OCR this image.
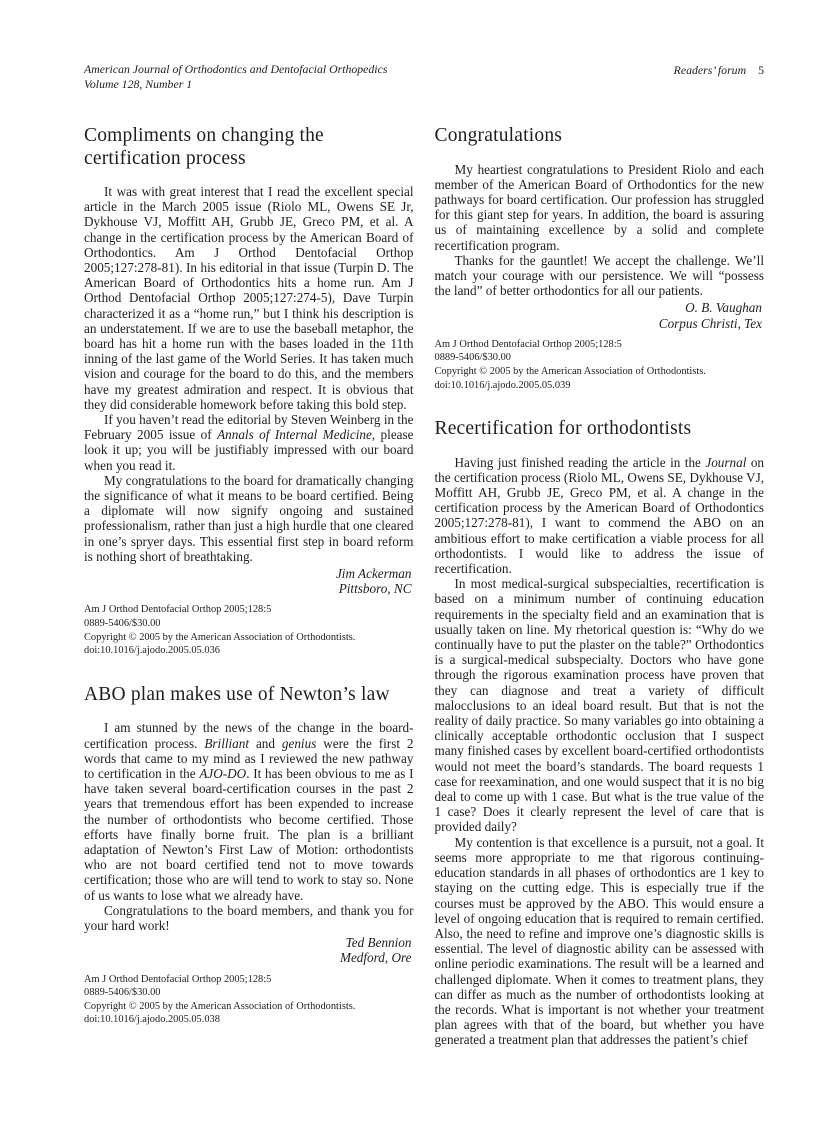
American Journal of Orthodontics and Dentofacial Orthopedics
Volume 128, Number 1
Readers’ forum 5
Compliments on changing the certification process

It was with great interest that I read the excellent special article in the March 2005 issue (Riolo ML, Owens SE Jr, Dykhouse VJ, Moffitt AH, Grubb JE, Greco PM, et al. A change in the certification process by the American Board of Orthodontics. Am J Orthod Dentofacial Orthop 2005;127:278-81). In his editorial in that issue (Turpin D. The American Board of Orthodontics hits a home run. Am J Orthod Dentofacial Orthop 2005;127:274-5), Dave Turpin characterized it as a “home run,” but I think his description is an understatement. If we are to use the baseball metaphor, the board has hit a home run with the bases loaded in the 11th inning of the last game of the World Series. It has taken much vision and courage for the board to do this, and the members have my greatest admiration and respect. It is obvious that they did considerable homework before taking this bold step.

If you haven’t read the editorial by Steven Weinberg in the February 2005 issue of Annals of Internal Medicine, please look it up; you will be justifiably impressed with our board when you read it.

My congratulations to the board for dramatically changing the significance of what it means to be board certified. Being a diplomate will now signify ongoing and sustained professionalism, rather than just a high hurdle that one cleared in one’s spryer days. This essential first step in board reform is nothing short of breathtaking.

Jim Ackerman
Pittsboro, NC
Am J Orthod Dentofacial Orthop 2005;128:5
0889-5406/$30.00
Copyright © 2005 by the American Association of Orthodontists.
doi:10.1016/j.ajodo.2005.05.036
ABO plan makes use of Newton’s law

I am stunned by the news of the change in the board-certification process. Brilliant and genius were the first 2 words that came to my mind as I reviewed the new pathway to certification in the AJO-DO. It has been obvious to me as I have taken several board-certification courses in the past 2 years that tremendous effort has been expended to increase the number of orthodontists who become certified. Those efforts have finally borne fruit. The plan is a brilliant adaptation of Newton’s First Law of Motion: orthodontists who are not board certified tend not to move towards certification; those who are will tend to work to stay so. None of us wants to lose what we already have.

Congratulations to the board members, and thank you for your hard work!

Ted Bennion
Medford, Ore
Am J Orthod Dentofacial Orthop 2005;128:5
0889-5406/$30.00
Copyright © 2005 by the American Association of Orthodontists.
doi:10.1016/j.ajodo.2005.05.038
Congratulations

My heartiest congratulations to President Riolo and each member of the American Board of Orthodontics for the new pathways for board certification. Our profession has struggled for this giant step for years. In addition, the board is assuring us of maintaining excellence by a solid and complete recertification program.

Thanks for the gauntlet! We accept the challenge. We’ll match your courage with our persistence. We will “possess the land” of better orthodontics for all our patients.

O. B. Vaughan
Corpus Christi, Tex
Am J Orthod Dentofacial Orthop 2005;128:5
0889-5406/$30.00
Copyright © 2005 by the American Association of Orthodontists.
doi:10.1016/j.ajodo.2005.05.039
Recertification for orthodontists

Having just finished reading the article in the Journal on the certification process (Riolo ML, Owens SE, Dykhouse VJ, Moffitt AH, Grubb JE, Greco PM, et al. A change in the certification process by the American Board of Orthodontics 2005;127:278-81), I want to commend the ABO on an ambitious effort to make certification a viable process for all orthodontists. I would like to address the issue of recertification.

In most medical-surgical subspecialties, recertification is based on a minimum number of continuing education requirements in the specialty field and an examination that is usually taken on line. My rhetorical question is: “Why do we continually have to put the plaster on the table?” Orthodontics is a surgical-medical subspecialty. Doctors who have gone through the rigorous examination process have proven that they can diagnose and treat a variety of difficult malocclusions to an ideal board result. But that is not the reality of daily practice. So many variables go into obtaining a clinically acceptable orthodontic occlusion that I suspect many finished cases by excellent board-certified orthodontists would not meet the board’s standards. The board requests 1 case for reexamination, and one would suspect that it is no big deal to come up with 1 case. But what is the true value of the 1 case? Does it clearly represent the level of care that is provided daily?

My contention is that excellence is a pursuit, not a goal. It seems more appropriate to me that rigorous continuing-education standards in all phases of orthodontics are 1 key to staying on the cutting edge. This is especially true if the courses must be approved by the ABO. This would ensure a level of ongoing education that is required to remain certified. Also, the need to refine and improve one’s diagnostic skills is essential. The level of diagnostic ability can be assessed with online periodic examinations. The result will be a learned and challenged diplomate. When it comes to treatment plans, they can differ as much as the number of orthodontists looking at the records. What is important is not whether your treatment plan agrees with that of the board, but whether you have generated a treatment plan that addresses the patient’s chief
